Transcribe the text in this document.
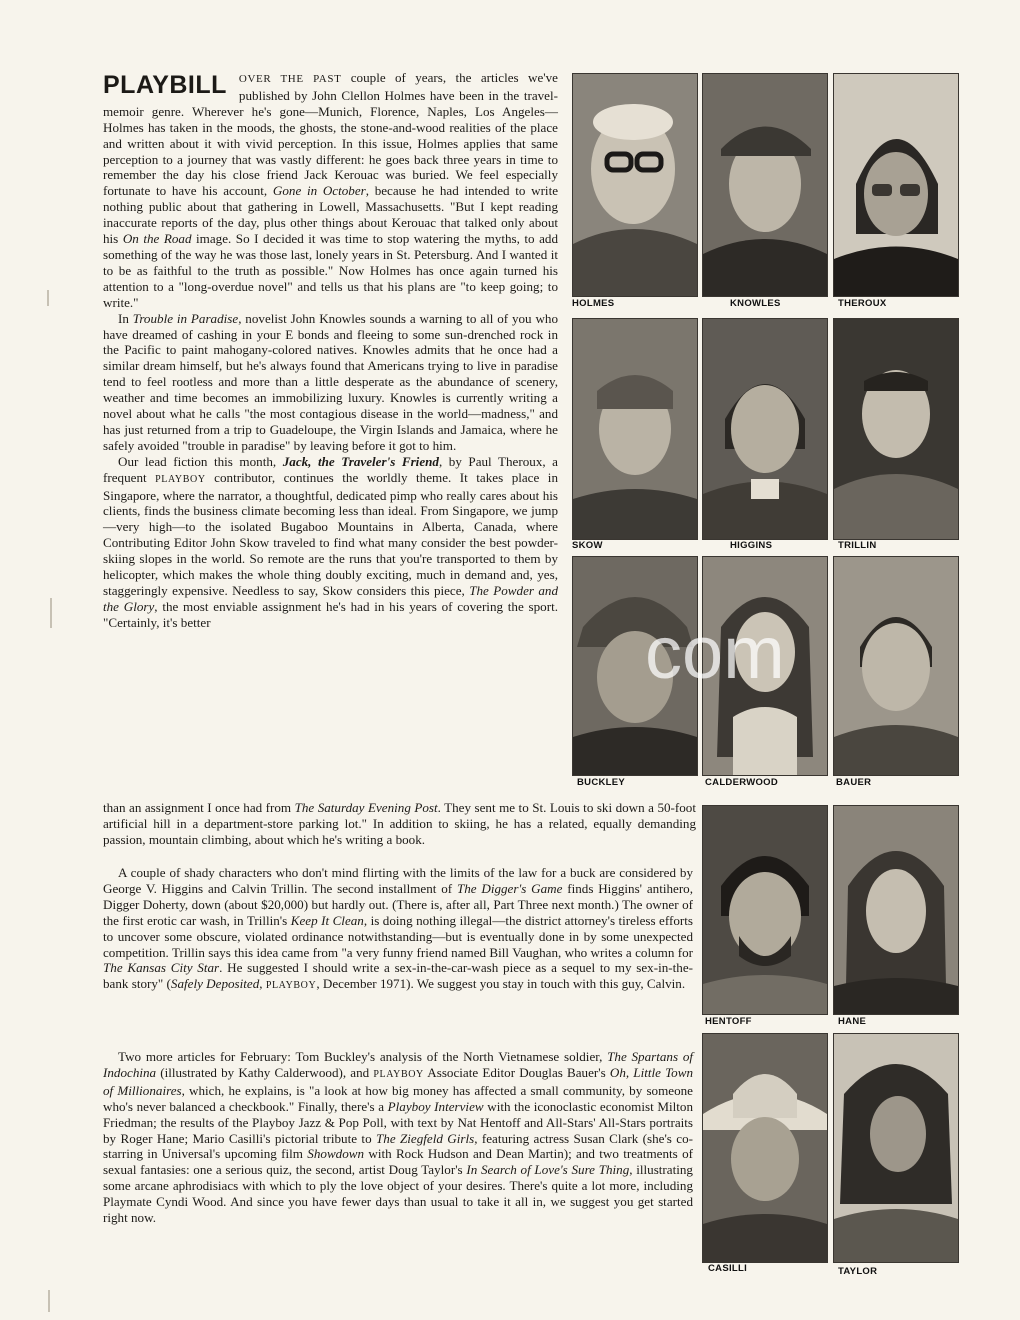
PLAYBILL OVER THE PAST couple of years, the articles we've published by John Clellon Holmes have been in the travel-memoir genre. Wherever he's gone—Munich, Florence, Naples, Los Angeles—Holmes has taken in the moods, the ghosts, the stone-and-wood realities of the place and written about it with vivid perception. In this issue, Holmes applies that same perception to a journey that was vastly different: he goes back three years in time to remember the day his close friend Jack Kerouac was buried. We feel especially fortunate to have his account, Gone in October, because he had intended to write nothing public about that gathering in Lowell, Massachusetts. "But I kept reading inaccurate reports of the day, plus other things about Kerouac that talked only about his On the Road image. So I decided it was time to stop watering the myths, to add something of the way he was those last, lonely years in St. Petersburg. And I wanted it to be as faithful to the truth as possible." Now Holmes has once again turned his attention to a "long-overdue novel" and tells us that his plans are "to keep going; to write."

In Trouble in Paradise, novelist John Knowles sounds a warning to all of you who have dreamed of cashing in your E bonds and fleeing to some sun-drenched rock in the Pacific to paint mahogany-colored natives. Knowles admits that he once had a similar dream himself, but he's always found that Americans trying to live in paradise tend to feel rootless and more than a little desperate as the abundance of scenery, weather and time becomes an immobilizing luxury. Knowles is currently writing a novel about what he calls "the most contagious disease in the world—madness," and has just returned from a trip to Guadeloupe, the Virgin Islands and Jamaica, where he safely avoided "trouble in paradise" by leaving before it got to him.

Our lead fiction this month, Jack, the Traveler's Friend, by Paul Theroux, a frequent PLAYBOY contributor, continues the worldly theme. It takes place in Singapore, where the narrator, a thoughtful, dedicated pimp who really cares about his clients, finds the business climate becoming less than ideal. From Singapore, we jump—very high—to the isolated Bugaboo Mountains in Alberta, Canada, where Contributing Editor John Skow traveled to find what many consider the best powder-skiing slopes in the world. So remote are the runs that you're transported to them by helicopter, which makes the whole thing doubly exciting, much in demand and, yes, staggeringly expensive. Needless to say, Skow considers this piece, The Powder and the Glory, the most enviable assignment he's had in his years of covering the sport. "Certainly, it's better

than an assignment I once had from The Saturday Evening Post. They sent me to St. Louis to ski down a 50-foot artificial hill in a department-store parking lot." In addition to skiing, he has a related, equally demanding passion, mountain climbing, about which he's writing a book.

A couple of shady characters who don't mind flirting with the limits of the law for a buck are considered by George V. Higgins and Calvin Trillin. The second installment of The Digger's Game finds Higgins' antihero, Digger Doherty, down (about $20,000) but hardly out. (There is, after all, Part Three next month.) The owner of the first erotic car wash, in Trillin's Keep It Clean, is doing nothing illegal—the district attorney's tireless efforts to uncover some obscure, violated ordinance notwithstanding—but is eventually done in by some unexpected competition. Trillin says this idea came from "a very funny friend named Bill Vaughan, who writes a column for The Kansas City Star. He suggested I should write a sex-in-the-car-wash piece as a sequel to my sex-in-the-bank story" (Safely Deposited, PLAYBOY, December 1971). We suggest you stay in touch with this guy, Calvin.

Two more articles for February: Tom Buckley's analysis of the North Vietnamese soldier, The Spartans of Indochina (illustrated by Kathy Calderwood), and PLAYBOY Associate Editor Douglas Bauer's Oh, Little Town of Millionaires, which, he explains, is "a look at how big money has affected a small community, by someone who's never balanced a checkbook." Finally, there's a Playboy Interview with the iconoclastic economist Milton Friedman; the results of the Playboy Jazz & Pop Poll, with text by Nat Hentoff and All-Stars' All-Stars portraits by Roger Hane; Mario Casilli's pictorial tribute to The Ziegfeld Girls, featuring actress Susan Clark (she's co-starring in Universal's upcoming film Showdown with Rock Hudson and Dean Martin); and two treatments of sexual fantasies: one a serious quiz, the second, artist Doug Taylor's In Search of Love's Sure Thing, illustrating some arcane aphrodisiacs with which to ply the love object of your desires. There's quite a lot more, including Playmate Cyndi Wood. And since you have fewer days than usual to take it all in, we suggest you get started right now.

HOLMES	KNOWLES	THEROUX
SKOW	HIGGINS	TRILLIN
BUCKLEY	CALDERWOOD	BAUER
HENTOFF	HANE
CASILLI	TAYLOR
com
